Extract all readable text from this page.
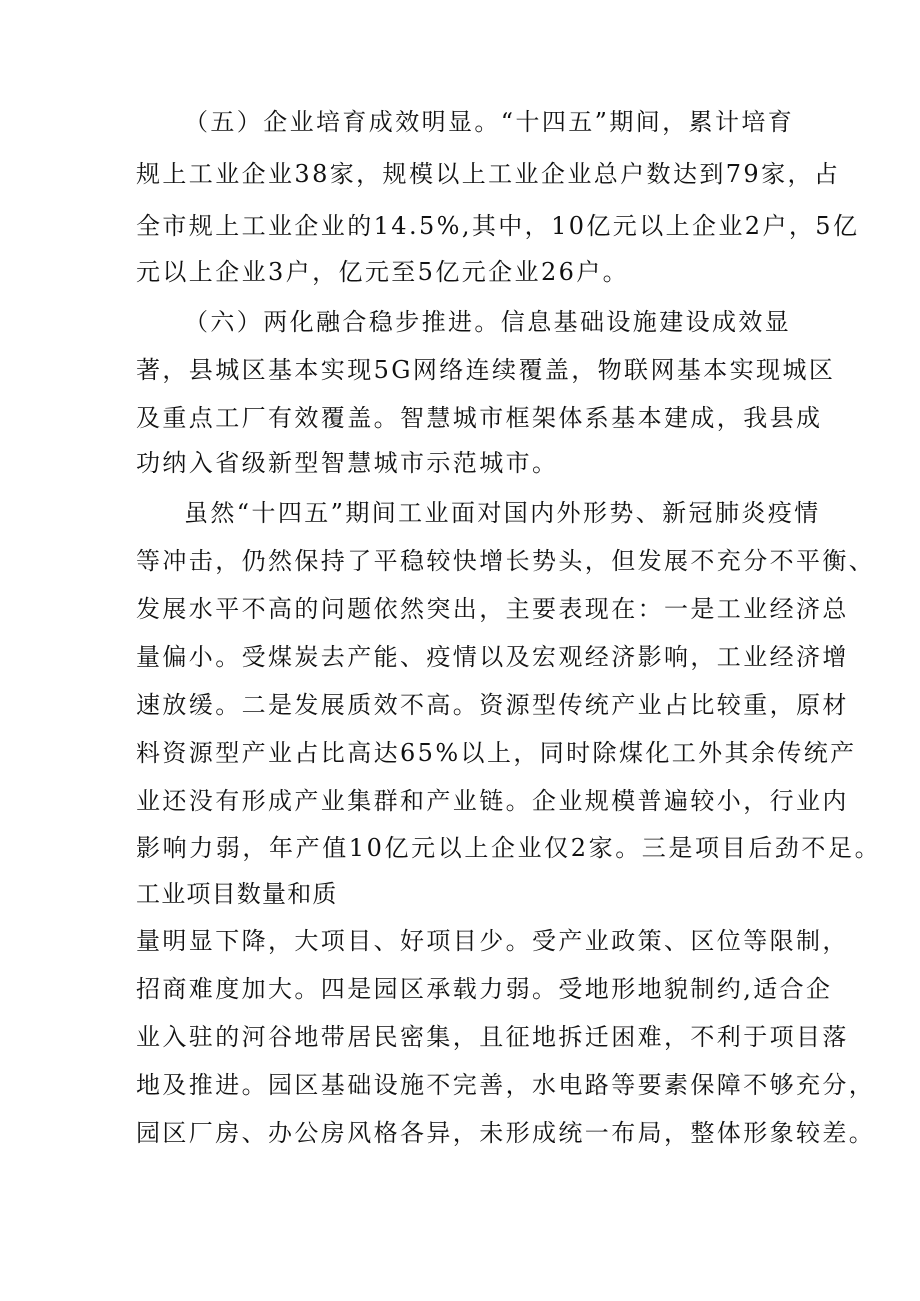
（五）企业培育成效明显。“十四五”期间，累计培育
规上工业企业38家，规模以上工业企业总户数达到79家，占
全市规上工业企业的14.5%,其中，10亿元以上企业2户，5亿
元以上企业3户，亿元至5亿元企业26户。
（六）两化融合稳步推进。信息基础设施建设成效显
著，县城区基本实现5G网络连续覆盖，物联网基本实现城区
及重点工厂有效覆盖。智慧城市框架体系基本建成，我县成
功纳入省级新型智慧城市示范城市。
虽然“十四五”期间工业面对国内外形势、新冠肺炎疫情
等冲击，仍然保持了平稳较快增长势头，但发展不充分不平衡、
发展水平不高的问题依然突出，主要表现在：一是工业经济总
量偏小。受煤炭去产能、疫情以及宏观经济影响，工业经济增
速放缓。二是发展质效不高。资源型传统产业占比较重，原材
料资源型产业占比高达65%以上，同时除煤化工外其余传统产
业还没有形成产业集群和产业链。企业规模普遍较小，行业内
影响力弱，年产值10亿元以上企业仅2家。三是项目后劲不足。
工业项目数量和质
量明显下降，大项目、好项目少。受产业政策、区位等限制，
招商难度加大。四是园区承载力弱。受地形地貌制约,适合企
业入驻的河谷地带居民密集，且征地拆迁困难，不利于项目落
地及推进。园区基础设施不完善，水电路等要素保障不够充分，
园区厂房、办公房风格各异，未形成统一布局，整体形象较差。
